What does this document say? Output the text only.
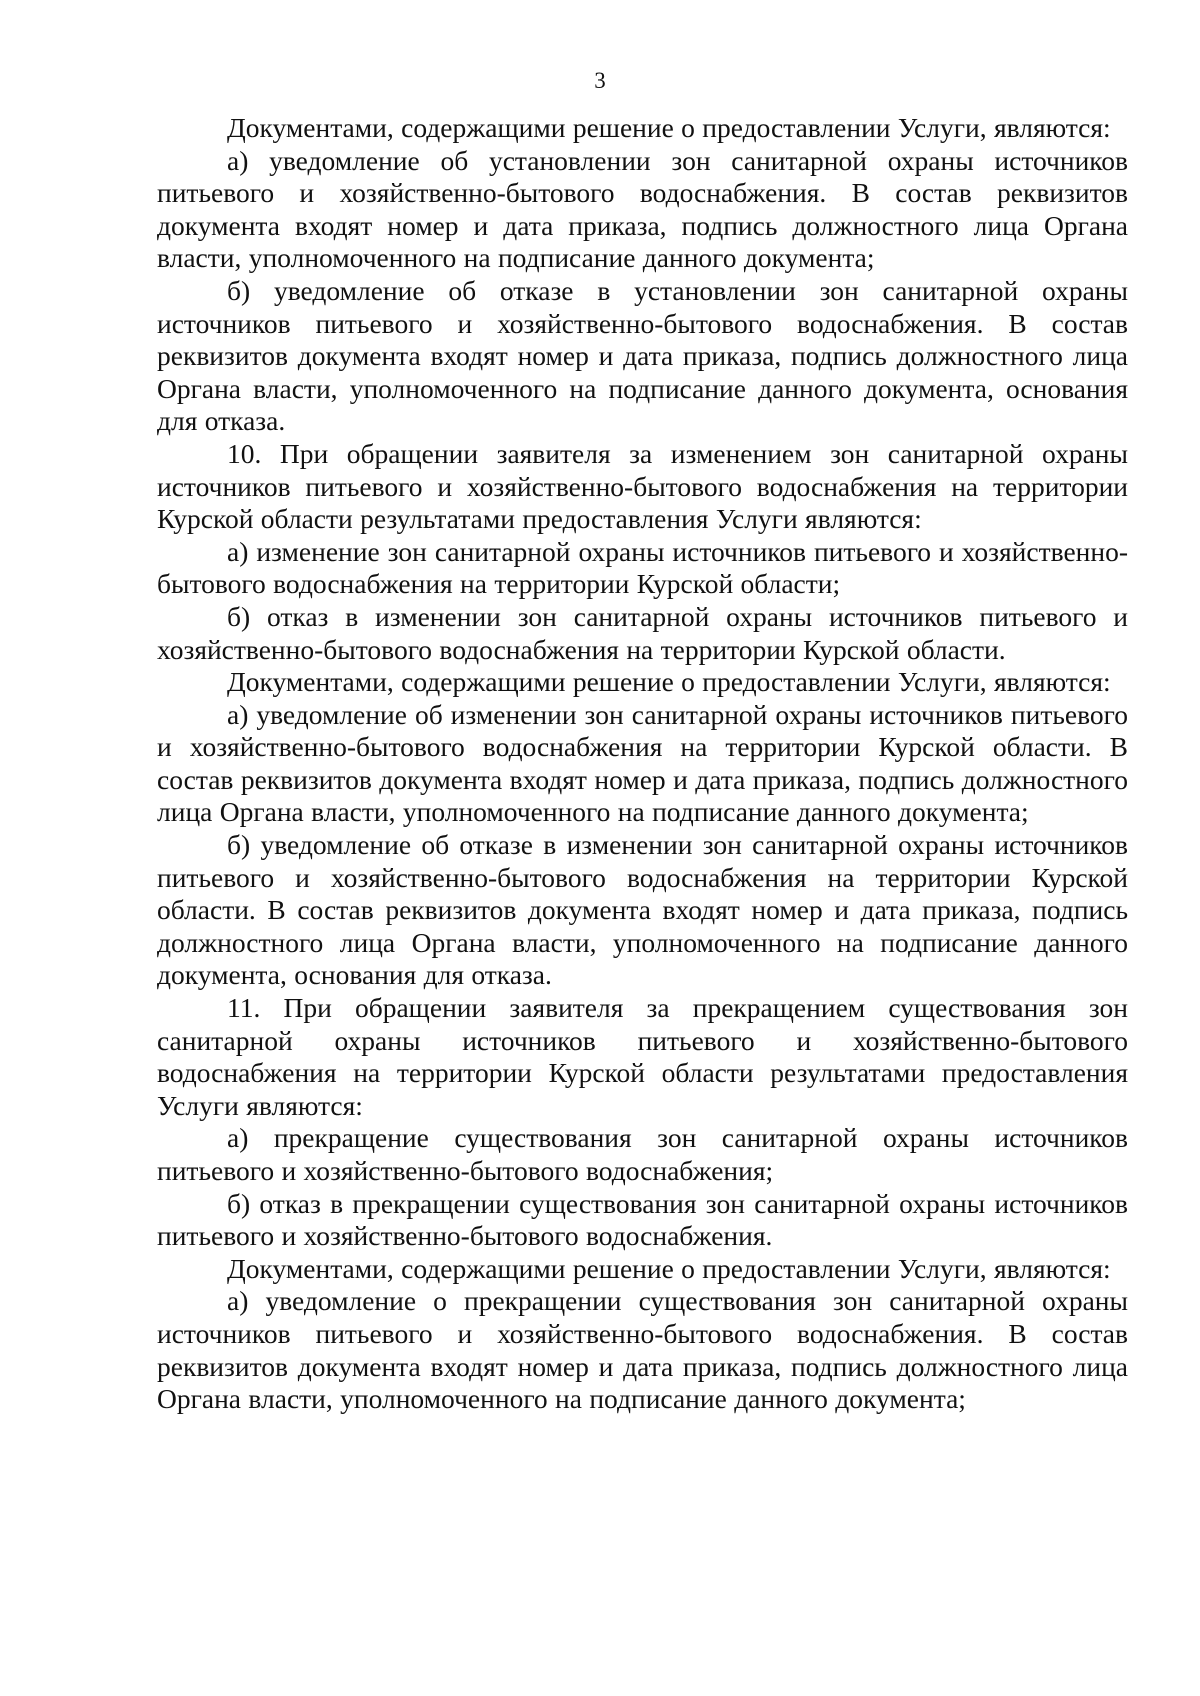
3

Документами, содержащими решение о предоставлении Услуги, являются:

а) уведомление об установлении зон санитарной охраны источников питьевого и хозяйственно-бытового водоснабжения. В состав реквизитов документа входят номер и дата приказа, подпись должностного лица Органа власти, уполномоченного на подписание данного документа;

б) уведомление об отказе в установлении зон санитарной охраны источников питьевого и хозяйственно-бытового водоснабжения. В состав реквизитов документа входят номер и дата приказа, подпись должностного лица Органа власти, уполномоченного на подписание данного документа, основания для отказа.

10. При обращении заявителя за изменением зон санитарной охраны источников питьевого и хозяйственно-бытового водоснабжения на территории Курской области результатами предоставления Услуги являются:

а) изменение зон санитарной охраны источников питьевого и хозяйственно-бытового водоснабжения на территории Курской области;

б) отказ в изменении зон санитарной охраны источников питьевого и хозяйственно-бытового водоснабжения на территории Курской области.

Документами, содержащими решение о предоставлении Услуги, являются:

а) уведомление об изменении зон санитарной охраны источников питьевого и хозяйственно-бытового водоснабжения на территории Курской области. В состав реквизитов документа входят номер и дата приказа, подпись должностного лица Органа власти, уполномоченного на подписание данного документа;

б) уведомление об отказе в изменении зон санитарной охраны источников питьевого и хозяйственно-бытового водоснабжения на территории Курской области. В состав реквизитов документа входят номер и дата приказа, подпись должностного лица Органа власти, уполномоченного на подписание данного документа, основания для отказа.

11. При обращении заявителя за прекращением существования зон санитарной охраны источников питьевого и хозяйственно-бытового водоснабжения на территории Курской области результатами предоставления Услуги являются:

а) прекращение существования зон санитарной охраны источников питьевого и хозяйственно-бытового водоснабжения;

б) отказ в прекращении существования зон санитарной охраны источников питьевого и хозяйственно-бытового водоснабжения.

Документами, содержащими решение о предоставлении Услуги, являются:

а) уведомление о прекращении существования зон санитарной охраны источников питьевого и хозяйственно-бытового водоснабжения. В состав реквизитов документа входят номер и дата приказа, подпись должностного лица Органа власти, уполномоченного на подписание данного документа;
